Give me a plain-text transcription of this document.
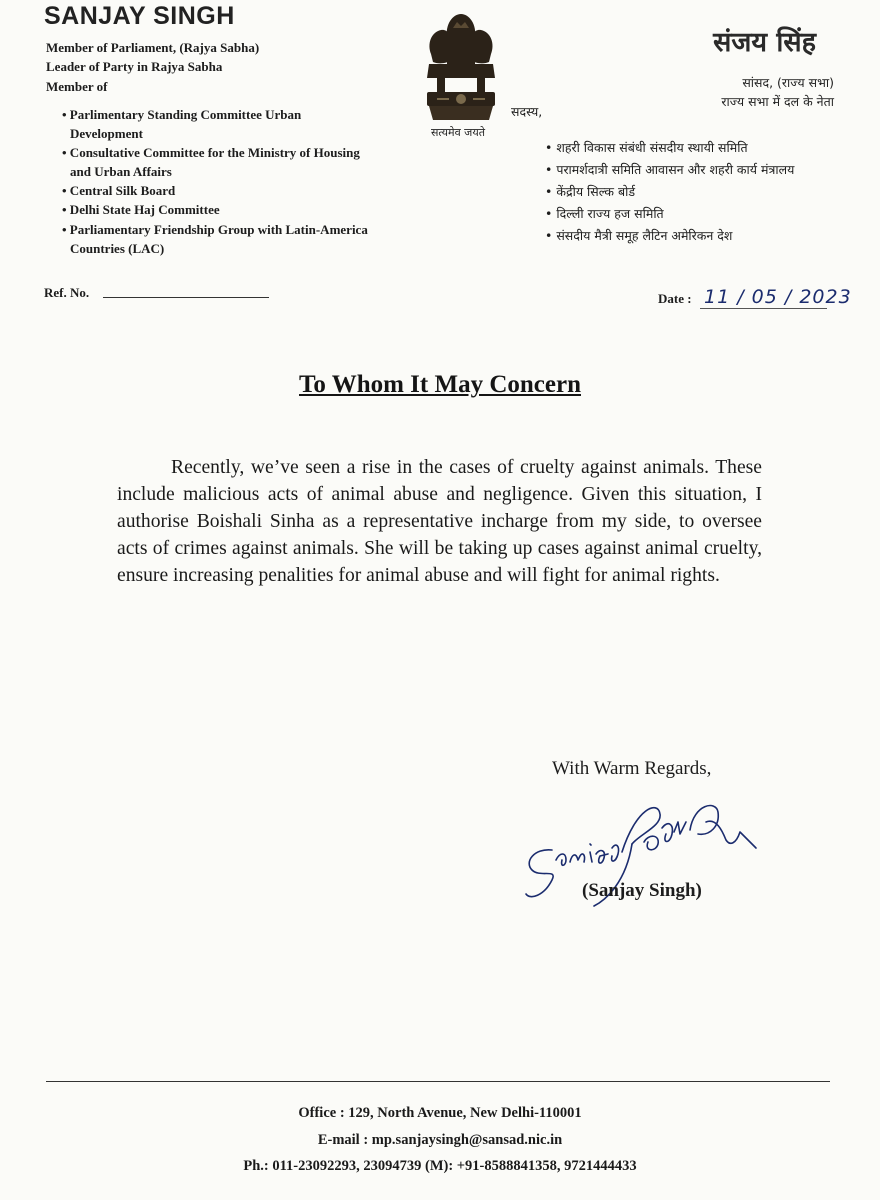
SANJAY SINGH
Member of Parliament, (Rajya Sabha)
Leader of Party in Rajya Sabha
Member of
• Parlimentary Standing Committee Urban Development
• Consultative Committee for the Ministry of Housing and Urban Affairs
• Central Silk Board
• Delhi State Haj Committee
• Parliamentary Friendship Group with Latin-America Countries (LAC)
सत्यमेव जयते
संजय सिंह
सांसद, (राज्य सभा)
राज्य सभा में दल के नेता
सदस्य,
• शहरी विकास संबंधी संसदीय स्थायी समिति
• परामर्शदात्री समिति आवासन और शहरी कार्य मंत्रालय
• केंद्रीय सिल्क बोर्ड
• दिल्ली राज्य हज समिति
• संसदीय मैत्री समूह लैटिन अमेरिकन देश
Ref. No.	Date : 11 / 05 / 2023
To Whom It May Concern
Recently, we’ve seen a rise in the cases of cruelty against animals. These include malicious acts of animal abuse and negligence. Given this situation, I authorise Boishali Sinha as a representative incharge from my side, to oversee acts of crimes against animals. She will be taking up cases against animal cruelty, ensure increasing penalities for animal abuse and will fight for animal rights.
With Warm Regards,
(Sanjay Singh)
Office : 129, North Avenue, New Delhi-110001
E-mail : mp.sanjaysingh@sansad.nic.in
Ph.: 011-23092293, 23094739 (M): +91-8588841358, 9721444433
